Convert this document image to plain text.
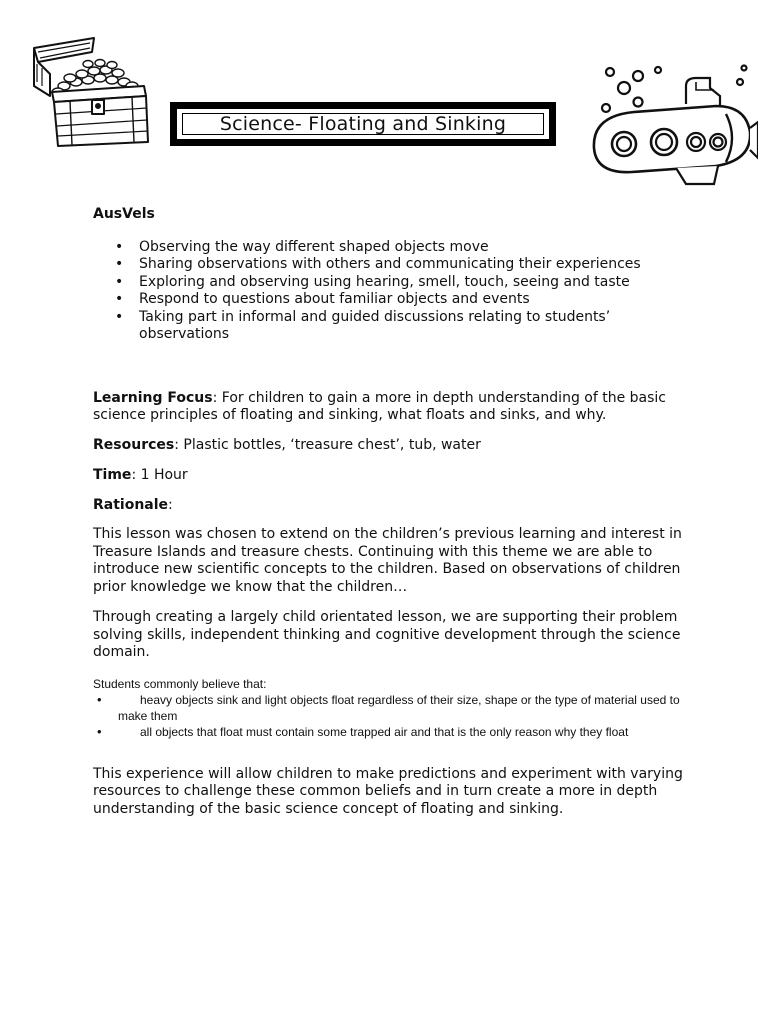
Science- Floating and Sinking
AusVels
• Observing the way different shaped objects move
• Sharing observations with others and communicating their experiences
• Exploring and observing using hearing, smell, touch, seeing and taste
• Respond to questions about familiar objects and events
• Taking part in informal and guided discussions relating to students’ observations

Learning Focus: For children to gain a more in depth understanding of the basic science principles of floating and sinking, what floats and sinks, and why.

Resources: Plastic bottles, ‘treasure chest’, tub, water

Time: 1 Hour

Rationale:

This lesson was chosen to extend on the children’s previous learning and interest in Treasure Islands and treasure chests. Continuing with this theme we are able to introduce new scientific concepts to the children. Based on observations of children prior knowledge we know that the children…

Through creating a largely child orientated lesson, we are supporting their problem solving skills, independent thinking and cognitive development through the science domain.

Students commonly believe that:
• heavy objects sink and light objects float regardless of their size, shape or the type of material used to make them
• all objects that float must contain some trapped air and that is the only reason why they float

This experience will allow children to make predictions and experiment with varying resources to challenge these common beliefs and in turn create a more in depth understanding of the basic science concept of floating and sinking.
